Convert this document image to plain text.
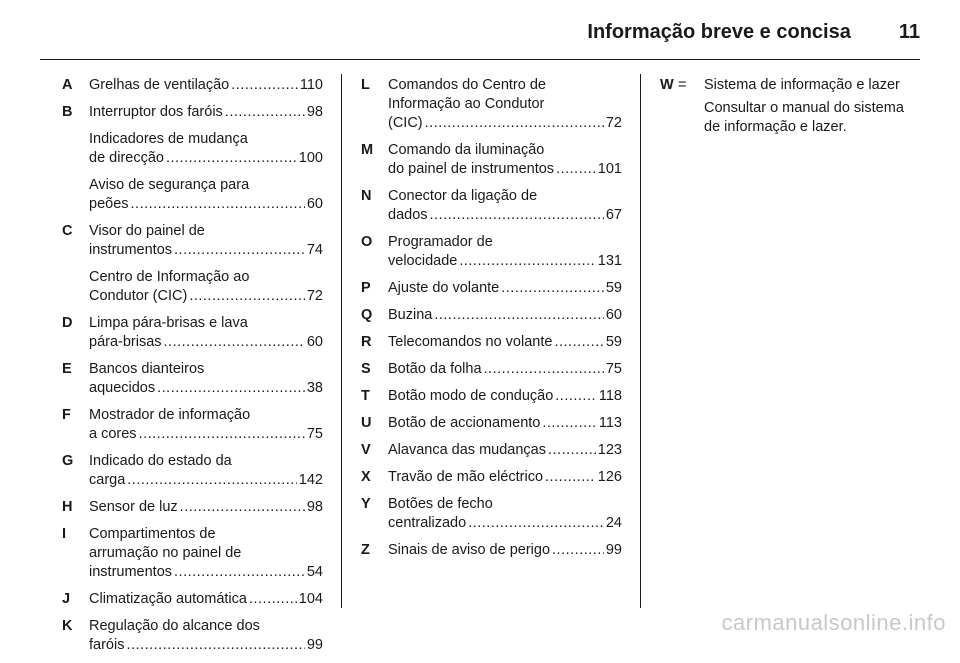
Informação breve e concisa 11
A	Grelhas de ventilação .....	110
B	Interruptor dos faróis .....	98
Indicadores de mudança
de direcção .....	100
Aviso de segurança para
peões .....	60
C	Visor do painel de
instrumentos .....	74
Centro de Informação ao
Condutor (CIC) .....	72
D	Limpa pára-brisas e lava
pára-brisas .....	60
E	Bancos dianteiros
aquecidos .....	38
F	Mostrador de informação
a cores .....	75
G	Indicado do estado da
carga .....	142
H	Sensor de luz .....	98
I	Compartimentos de
arrumação no painel de
instrumentos .....	54
J	Climatização automática .....	104
K	Regulação do alcance dos
faróis .....	99
L	Comandos do Centro de
Informação ao Condutor
(CIC) .....	72
M	Comando da iluminação
do painel de instrumentos .....	101
N	Conector da ligação de
dados .....	67
O	Programador de
velocidade .....	131
P	Ajuste do volante .....	59
Q	Buzina .....	60
R	Telecomandos no volante .....	59
S	Botão da folha .....	75
T	Botão modo de condução .....	118
U	Botão de accionamento .....	113
V	Alavanca das mudanças .....	123
X	Travão de mão eléctrico .....	126
Y	Botões de fecho
centralizado .....	24
Z	Sinais de aviso de perigo .....	99
W =	Sistema de informação e lazer
Consultar o manual do sistema de informação e lazer.
carmanualsonline.info
